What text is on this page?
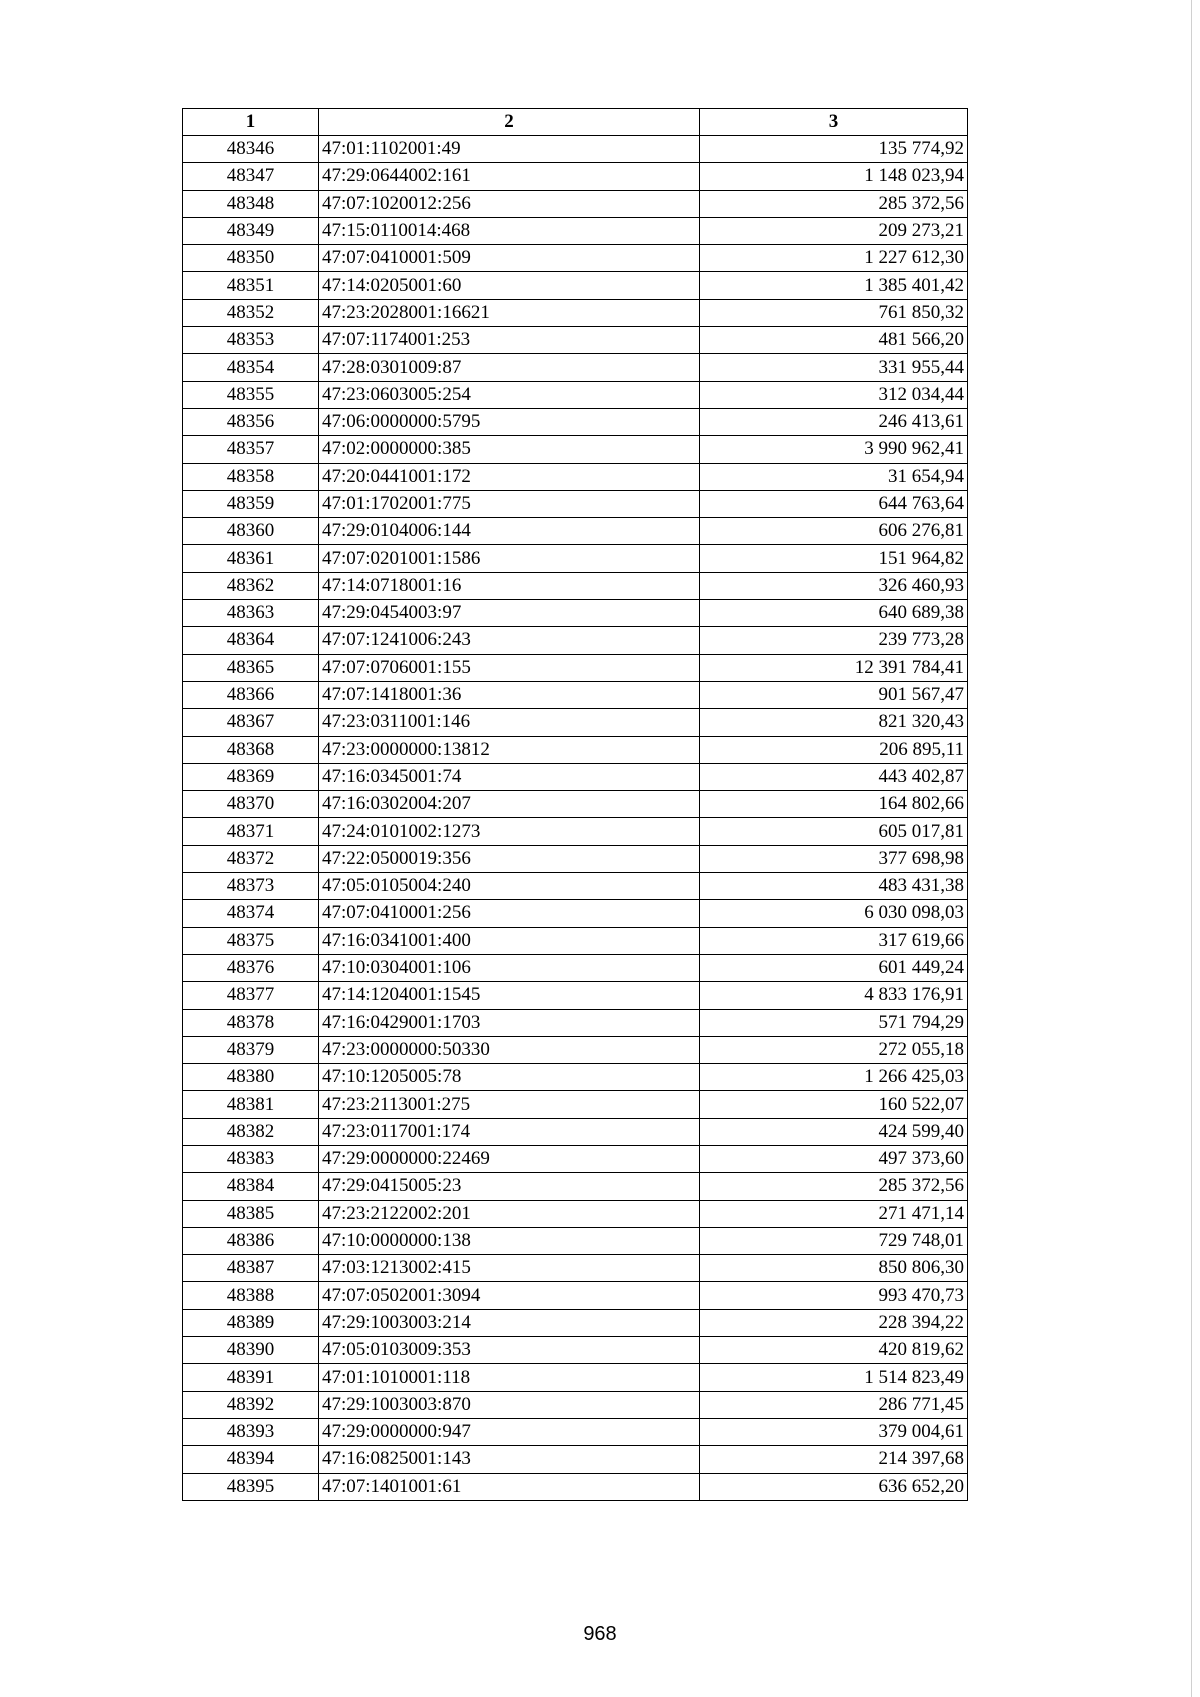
1	2	3
48346	47:01:1102001:49	135 774,92
48347	47:29:0644002:161	1 148 023,94
48348	47:07:1020012:256	285 372,56
48349	47:15:0110014:468	209 273,21
48350	47:07:0410001:509	1 227 612,30
48351	47:14:0205001:60	1 385 401,42
48352	47:23:2028001:16621	761 850,32
48353	47:07:1174001:253	481 566,20
48354	47:28:0301009:87	331 955,44
48355	47:23:0603005:254	312 034,44
48356	47:06:0000000:5795	246 413,61
48357	47:02:0000000:385	3 990 962,41
48358	47:20:0441001:172	31 654,94
48359	47:01:1702001:775	644 763,64
48360	47:29:0104006:144	606 276,81
48361	47:07:0201001:1586	151 964,82
48362	47:14:0718001:16	326 460,93
48363	47:29:0454003:97	640 689,38
48364	47:07:1241006:243	239 773,28
48365	47:07:0706001:155	12 391 784,41
48366	47:07:1418001:36	901 567,47
48367	47:23:0311001:146	821 320,43
48368	47:23:0000000:13812	206 895,11
48369	47:16:0345001:74	443 402,87
48370	47:16:0302004:207	164 802,66
48371	47:24:0101002:1273	605 017,81
48372	47:22:0500019:356	377 698,98
48373	47:05:0105004:240	483 431,38
48374	47:07:0410001:256	6 030 098,03
48375	47:16:0341001:400	317 619,66
48376	47:10:0304001:106	601 449,24
48377	47:14:1204001:1545	4 833 176,91
48378	47:16:0429001:1703	571 794,29
48379	47:23:0000000:50330	272 055,18
48380	47:10:1205005:78	1 266 425,03
48381	47:23:2113001:275	160 522,07
48382	47:23:0117001:174	424 599,40
48383	47:29:0000000:22469	497 373,60
48384	47:29:0415005:23	285 372,56
48385	47:23:2122002:201	271 471,14
48386	47:10:0000000:138	729 748,01
48387	47:03:1213002:415	850 806,30
48388	47:07:0502001:3094	993 470,73
48389	47:29:1003003:214	228 394,22
48390	47:05:0103009:353	420 819,62
48391	47:01:1010001:118	1 514 823,49
48392	47:29:1003003:870	286 771,45
48393	47:29:0000000:947	379 004,61
48394	47:16:0825001:143	214 397,68
48395	47:07:1401001:61	636 652,20
968
